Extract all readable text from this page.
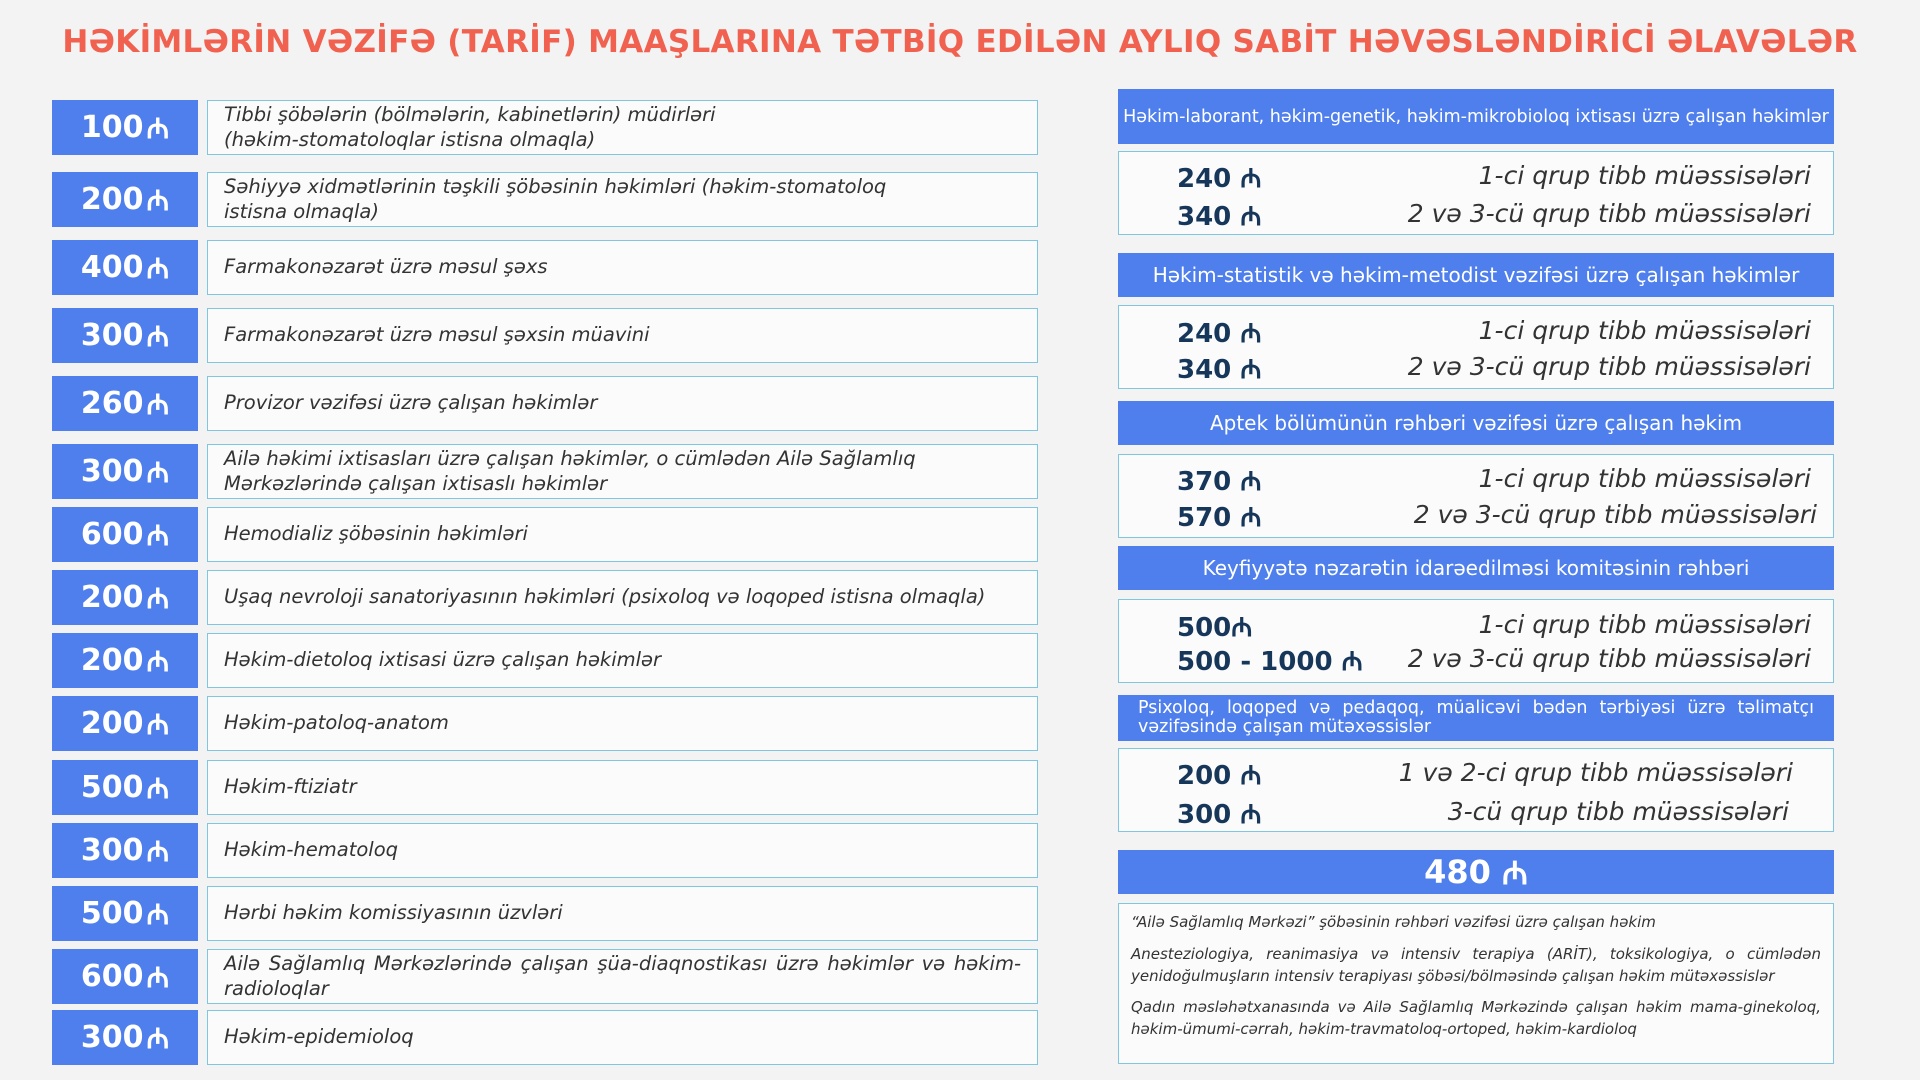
HƏKİMLƏRİN VƏZİFƏ (TARİF) MAAŞLARINA TƏTBİQ EDİLƏN AYLIQ SABİT HƏVƏSLƏNDİRİCİ ƏLAVƏLƏR
100 ₼	Tibbi şöbələrin (bölmələrin, kabinetlərin) müdirləri
(həkim-stomatoloqlar istisna olmaqla)
200 ₼	Səhiyyə xidmətlərinin təşkili şöbəsinin həkimləri (həkim-stomatoloq
istisna olmaqla)
400 ₼	Farmakonəzarət üzrə məsul şəxs
300 ₼	Farmakonəzarət üzrə məsul şəxsin müavini
260 ₼	Provizor vəzifəsi üzrə çalışan həkimlər
300 ₼	Ailə həkimi ixtisasları üzrə çalışan həkimlər, o cümlədən Ailə Sağlamlıq
Mərkəzlərində çalışan ixtisaslı həkimlər
600 ₼	Hemodializ şöbəsinin həkimləri
200 ₼	Uşaq nevroloji sanatoriyasının həkimləri (psixoloq və loqoped istisna olmaqla)
200 ₼	Həkim-dietoloq ixtisasi üzrə çalışan həkimlər
200 ₼	Həkim-patoloq-anatom
500 ₼	Həkim-ftiziatr
300 ₼	Həkim-hematoloq
500 ₼	Hərbi həkim komissiyasının üzvləri
600 ₼	Ailə Sağlamlıq Mərkəzlərində çalışan şüa-diaqnostikası üzrə həkimlər və həkim-radioloqlar
300 ₼	Həkim-epidemioloq
Həkim-laborant, həkim-genetik, həkim-mikrobioloq ixtisası üzrə çalışan həkimlər
240 ₼	1-ci qrup tibb müəssisələri
340 ₼	2 və 3-cü qrup tibb müəssisələri
Həkim-statistik və həkim-metodist vəzifəsi üzrə çalışan həkimlər
240 ₼	1-ci qrup tibb müəssisələri
340 ₼	2 və 3-cü qrup tibb müəssisələri
Aptek bölümünün rəhbəri vəzifəsi üzrə çalışan həkim
370 ₼	1-ci qrup tibb müəssisələri
570 ₼	2 və 3-cü qrup tibb müəssisələri
Keyfiyyətə nəzarətin idarəedilməsi komitəsinin rəhbəri
500₼	1-ci qrup tibb müəssisələri
500 - 1000 ₼ 2 və 3-cü qrup tibb müəssisələri
Psixoloq, loqoped və pedaqoq, müalicəvi bədən tərbiyəsi üzrə təlimatçı vəzifəsində çalışan mütəxəssislər
200 ₼	1 və 2-ci qrup tibb müəssisələri
300 ₼	3-cü qrup tibb müəssisələri
480
₼

“Ailə Sağlamlıq Mərkəzi” şöbəsinin rəhbəri vəzifəsi üzrə çalışan həkim

Anesteziologiya, reanimasiya və intensiv terapiya (ARİT), toksikologiya, o cümlədən yenidoğulmuşların intensiv terapiyası şöbəsi/bölməsində çalışan həkim mütəxəssislər

Qadın məsləhətxanasında və Ailə Sağlamlıq Mərkəzində çalışan həkim mama-ginekoloq, həkim-ümumi-cərrah, həkim-travmatoloq-ortoped, həkim-kardioloq
